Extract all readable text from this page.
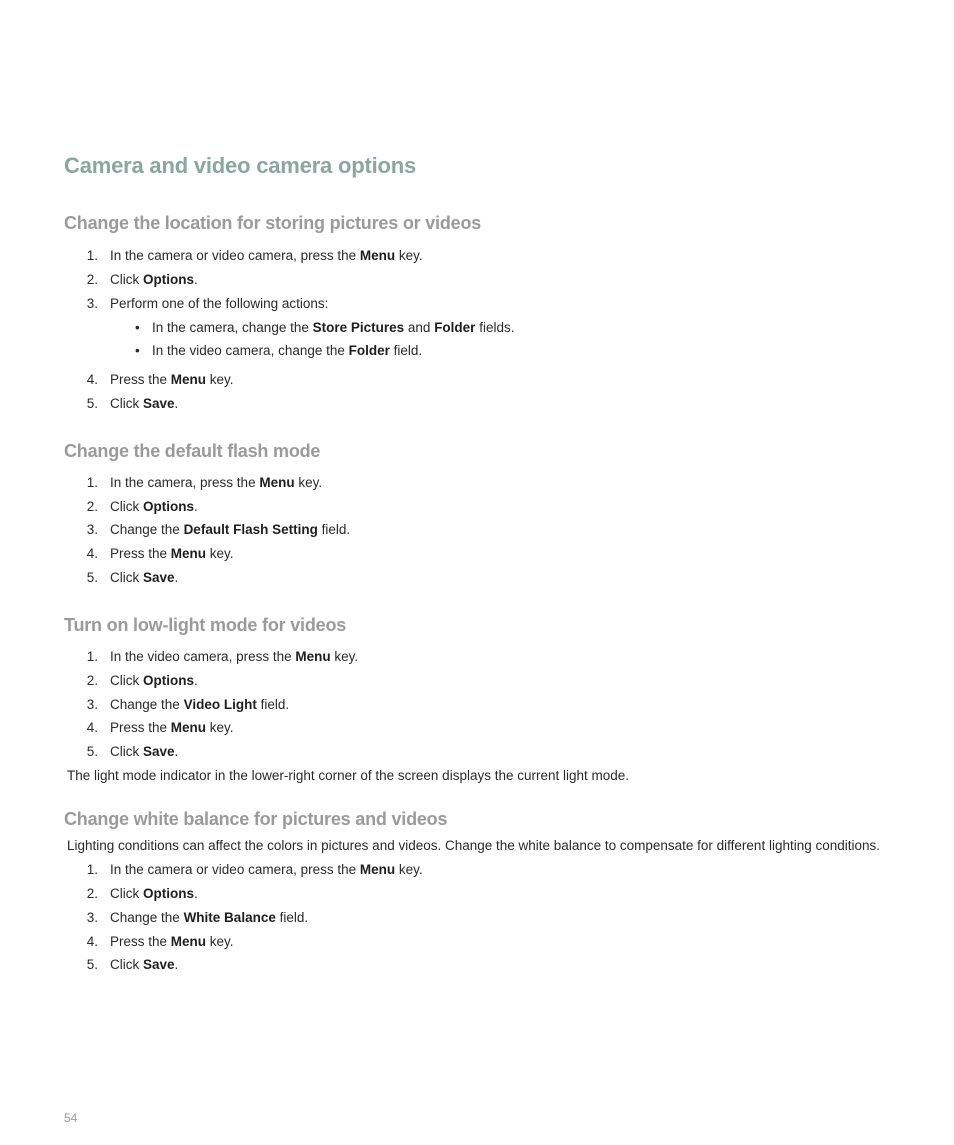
Camera and video camera options
Change the location for storing pictures or videos
1. In the camera or video camera, press the Menu key.
2. Click Options.
3. Perform one of the following actions:
• In the camera, change the Store Pictures and Folder fields.
• In the video camera, change the Folder field.
4. Press the Menu key.
5. Click Save.
Change the default flash mode
1. In the camera, press the Menu key.
2. Click Options.
3. Change the Default Flash Setting field.
4. Press the Menu key.
5. Click Save.
Turn on low-light mode for videos
1. In the video camera, press the Menu key.
2. Click Options.
3. Change the Video Light field.
4. Press the Menu key.
5. Click Save.
The light mode indicator in the lower-right corner of the screen displays the current light mode.
Change white balance for pictures and videos
Lighting conditions can affect the colors in pictures and videos. Change the white balance to compensate for different lighting conditions.
1. In the camera or video camera, press the Menu key.
2. Click Options.
3. Change the White Balance field.
4. Press the Menu key.
5. Click Save.
54
